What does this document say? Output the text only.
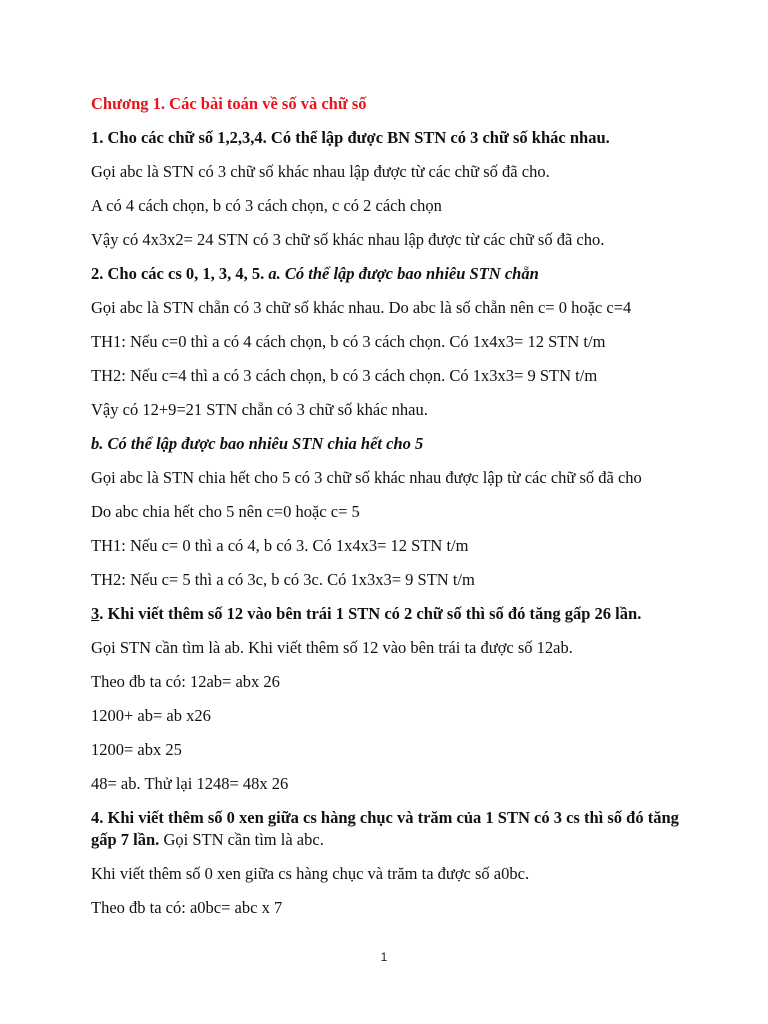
Chương 1. Các bài toán về số và chữ số
1. Cho các chữ số 1,2,3,4. Có thể lập được BN STN có 3 chữ số khác nhau.
Gọi abc là STN có 3 chữ số khác nhau lập được từ các chữ số đã cho.
A có 4 cách chọn, b có 3 cách chọn, c có 2 cách chọn
Vậy có 4x3x2= 24 STN có 3 chữ số khác nhau lập được từ các chữ số đã cho.
2. Cho các cs 0, 1, 3, 4, 5. a. Có thể lập được bao nhiêu STN chẵn
Gọi abc là STN chẵn có 3 chữ số khác nhau. Do abc là số chẵn nên c= 0 hoặc c=4
TH1: Nếu c=0 thì a có 4 cách chọn, b có 3 cách chọn. Có 1x4x3= 12 STN t/m
TH2: Nếu c=4 thì a có 3 cách chọn, b có 3 cách chọn. Có 1x3x3= 9 STN t/m
Vậy có 12+9=21 STN chẵn có 3 chữ số khác nhau.
b. Có thể lập được bao nhiêu STN chia hết cho 5
Gọi abc là STN chia hết cho 5 có 3 chữ số khác nhau được lập từ các chữ số đã cho
Do abc chia hết cho 5 nên c=0 hoặc c= 5
TH1: Nếu c= 0 thì a có 4, b có 3. Có 1x4x3= 12 STN t/m
TH2: Nếu c= 5 thì a có 3c, b có 3c. Có 1x3x3= 9 STN t/m
3. Khi viết thêm số 12 vào bên trái 1 STN có 2 chữ số thì số đó tăng gấp 26 lần.
Gọi STN cần tìm là ab. Khi viết thêm số 12 vào bên trái ta được số 12ab.
Theo đb ta có: 12ab= abx 26
1200+ ab= ab x26
1200= abx 25
48= ab. Thử lại 1248= 48x 26
4. Khi viết thêm số 0 xen giữa cs hàng chục và trăm của 1 STN có 3 cs thì số đó tăng gấp 7 lần. Gọi STN cần tìm là abc.
Khi viết thêm số 0 xen giữa cs hàng chục và trăm ta được số a0bc.
Theo đb ta có: a0bc= abc x 7
1
